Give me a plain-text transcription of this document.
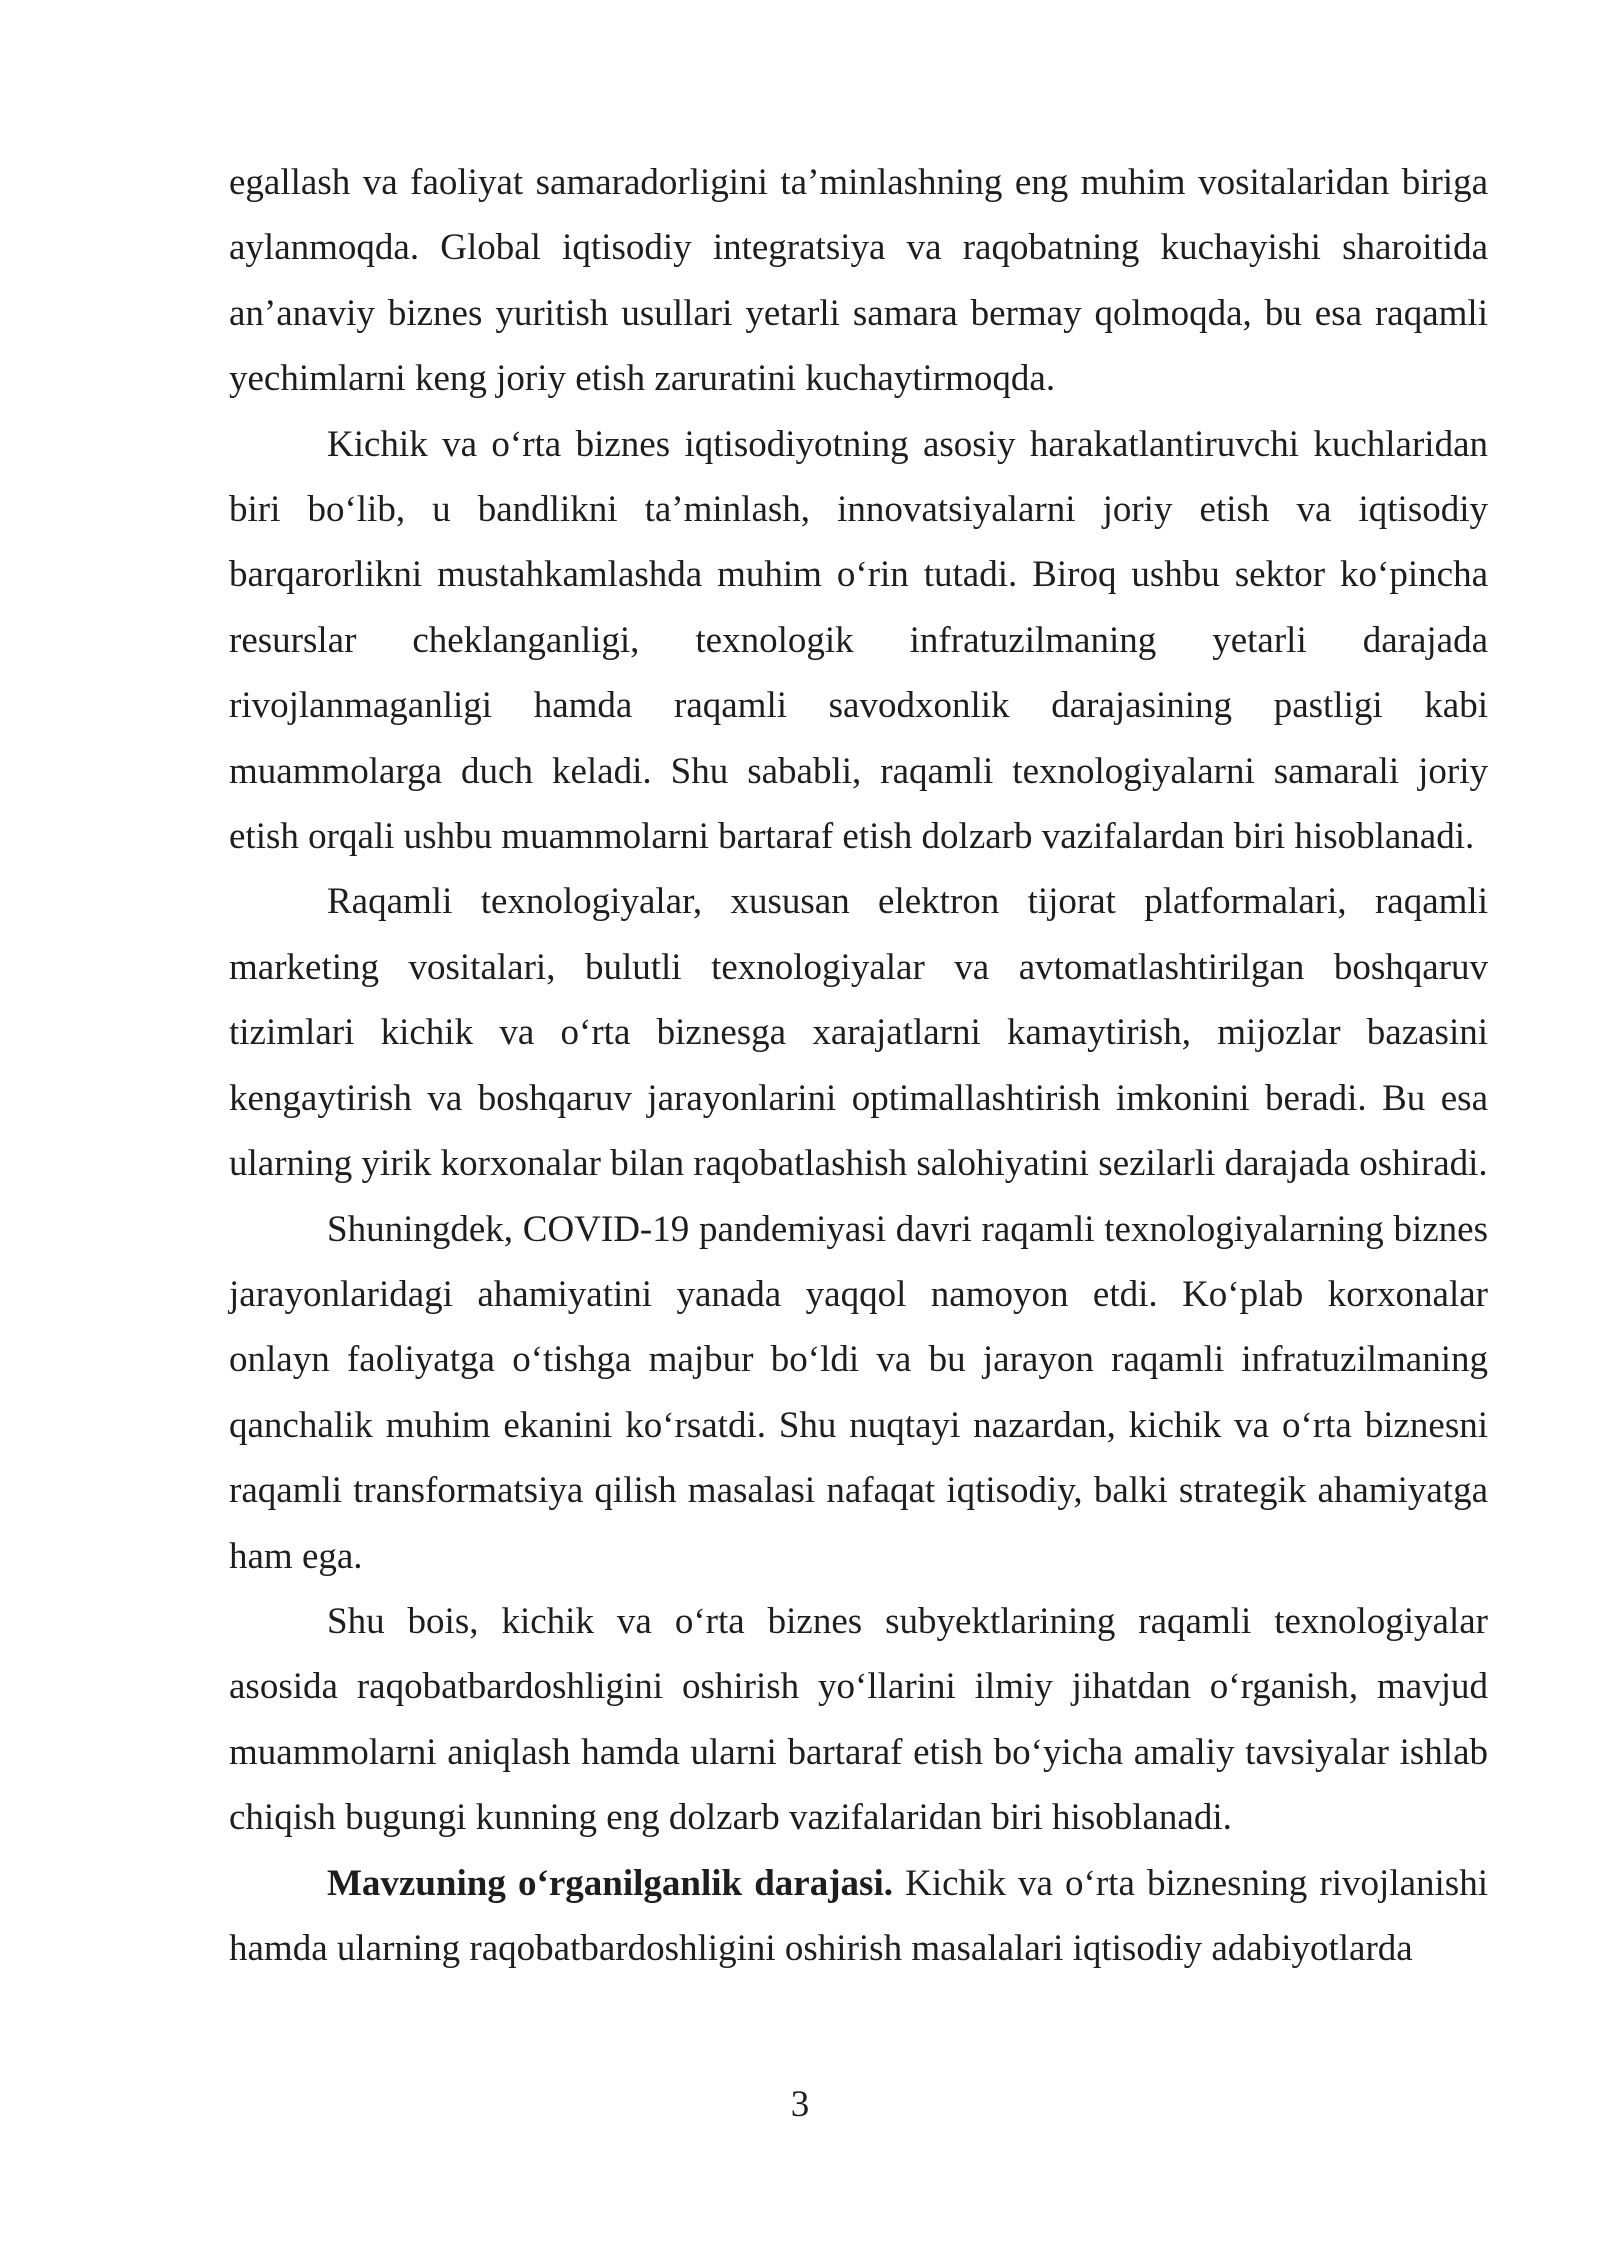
egallash va faoliyat samaradorligini ta’minlashning eng muhim vositalaridan biriga aylanmoqda. Global iqtisodiy integratsiya va raqobatning kuchayishi sharoitida an’anaviy biznes yuritish usullari yetarli samara bermay qolmoqda, bu esa raqamli yechimlarni keng joriy etish zaruratini kuchaytirmoqda.

Kichik va o‘rta biznes iqtisodiyotning asosiy harakatlantiruvchi kuchlaridan biri bo‘lib, u bandlikni ta’minlash, innovatsiyalarni joriy etish va iqtisodiy barqarorlikni mustahkamlashda muhim o‘rin tutadi. Biroq ushbu sektor ko‘pincha resurslar cheklanganligi, texnologik infratuzilmaning yetarli darajada rivojlanmaganligi hamda raqamli savodxonlik darajasining pastligi kabi muammolarga duch keladi. Shu sababli, raqamli texnologiyalarni samarali joriy etish orqali ushbu muammolarni bartaraf etish dolzarb vazifalardan biri hisoblanadi.

Raqamli texnologiyalar, xususan elektron tijorat platformalari, raqamli marketing vositalari, bulutli texnologiyalar va avtomatlashtirilgan boshqaruv tizimlari kichik va o‘rta biznesga xarajatlarni kamaytirish, mijozlar bazasini kengaytirish va boshqaruv jarayonlarini optimallashtirish imkonini beradi. Bu esa ularning yirik korxonalar bilan raqobatlashish salohiyatini sezilarli darajada oshiradi.

Shuningdek, COVID-19 pandemiyasi davri raqamli texnologiyalarning biznes jarayonlaridagi ahamiyatini yanada yaqqol namoyon etdi. Ko‘plab korxonalar onlayn faoliyatga o‘tishga majbur bo‘ldi va bu jarayon raqamli infratuzilmaning qanchalik muhim ekanini ko‘rsatdi. Shu nuqtayi nazardan, kichik va o‘rta biznesni raqamli transformatsiya qilish masalasi nafaqat iqtisodiy, balki strategik ahamiyatga ham ega.

Shu bois, kichik va o‘rta biznes subyektlarining raqamli texnologiyalar asosida raqobatbardoshligini oshirish yo‘llarini ilmiy jihatdan o‘rganish, mavjud muammolarni aniqlash hamda ularni bartaraf etish bo‘yicha amaliy tavsiyalar ishlab chiqish bugungi kunning eng dolzarb vazifalaridan biri hisoblanadi.

Mavzuning o‘rganilganlik darajasi. Kichik va o‘rta biznesning rivojlanishi hamda ularning raqobatbardoshligini oshirish masalalari iqtisodiy adabiyotlarda

3
